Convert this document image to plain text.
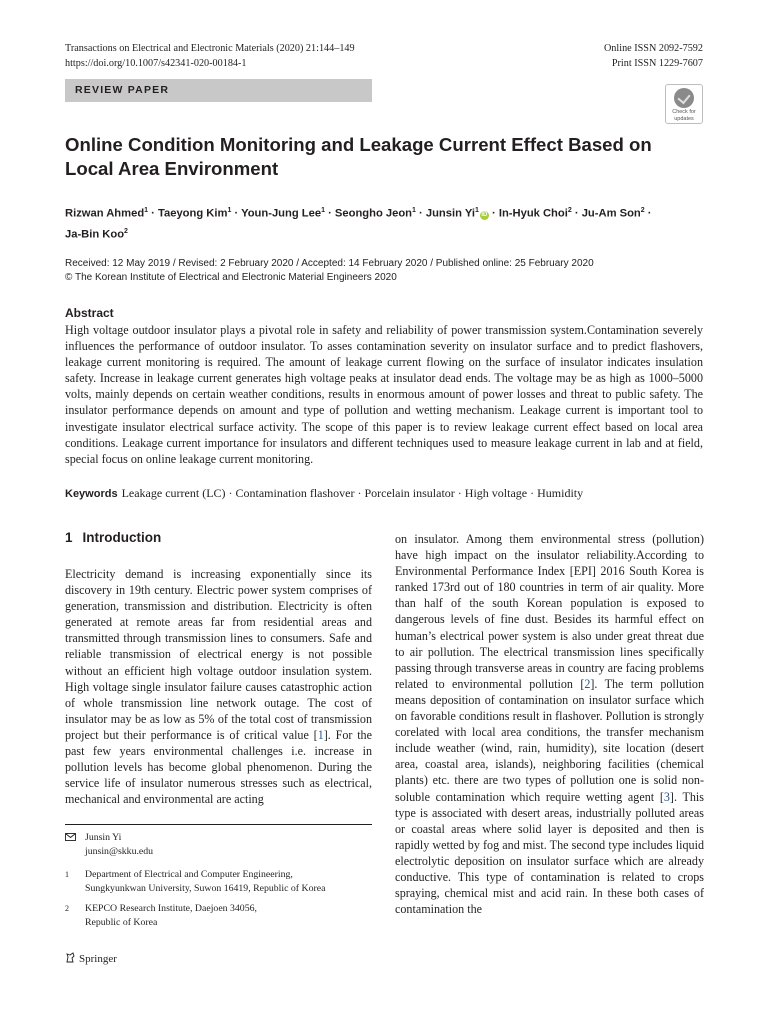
Transactions on Electrical and Electronic Materials (2020) 21:144–149
https://doi.org/10.1007/s42341-020-00184-1
Online ISSN 2092-7592
Print ISSN 1229-7607
REVIEW PAPER
Check for
updates
Online Condition Monitoring and Leakage Current Effect Based on Local Area Environment
Rizwan Ahmed$^1$ · Taeyong Kim$^1$ · Youn-Jung Lee$^1$ · Seongho Jeon$^1$ · Junsin $Yi^1iD$ · In-Hyuk Choi$^2$ · Ju-Am Son$^2$ ·
Ja-Bin Koo$^2$
Received: 12 May 2019 / Revised: 2 February 2020 / Accepted: 14 February 2020 / Published online: 25 February 2020
© The Korean Institute of Electrical and Electronic Material Engineers 2020
Abstract
High voltage outdoor insulator plays a pivotal role in safety and reliability of power transmission system.Contamination severely influences the performance of outdoor insulator. To asses contamination severity on insulator surface and to predict flashovers, leakage current monitoring is required. The amount of leakage current flowing on the surface of insulator indicates insulation safety. Increase in leakage current generates high voltage peaks at insulator dead ends. The voltage may be as high as 1000–5000 volts, mainly depends on certain weather conditions, results in enormous amount of power losses and threat to public safety. The insulator performance depends on amount and type of pollution and wetting mechanism. Leakage current is important tool to investigate insulator electrical surface activity. The scope of this paper is to review leakage current effect based on local area conditions. Leakage current importance for insulators and different techniques used to measure leakage current in lab and at field, special focus on online leakage current monitoring.
Keywords Leakage current (LC) · Contamination flashover · Porcelain insulator · High voltage · Humidity
1 Introduction
Electricity demand is increasing exponentially since its discovery in 19th century. Electric power system comprises of generation, transmission and distribution. Electricity is often generated at remote areas far from residential areas and transmitted through transmission lines to consumers. Safe and reliable transmission of electrical energy is not possible without an efficient high voltage outdoor insulation system. High voltage single insulator failure causes catastrophic action of whole transmission line network outage. The cost of insulator may be as low as 5% of the total cost of transmission project but their performance is of critical value [1]. For the past few years environmental challenges i.e. increase in pollution levels has become global phenomenon. During the service life of insulator numerous stresses such as electrical, mechanical and environmental are acting
on insulator. Among them environmental stress (pollution) have high impact on the insulator reliability.According to Environmental Performance Index [EPI] 2016 South Korea is ranked 173rd out of 180 countries in term of air quality. More than half of the south Korean population is exposed to dangerous levels of fine dust. Besides its harmful effect on human’s electrical power system is also under great threat due to air pollution. The electrical transmission lines specifically passing through transverse areas in country are facing problems related to environmental pollution [2]. The term pollution means deposition of contamination on insulator surface which on favorable conditions result in flashover. Pollution is strongly corelated with local area conditions, the transfer mechanism include weather (wind, rain, humidity), site location (desert area, coastal area, islands), neighboring facilities (chemical plants) etc. there are two types of pollution one is solid non-soluble contamination which require wetting agent [3]. This type is associated with desert areas, industrially polluted areas or coastal areas where solid layer is deposited and then is rapidly wetted by fog and mist. The second type includes liquid electrolytic deposition on insulator surface which are already conductive. This type of contamination is related to crops spraying, chemical mist and acid rain. In these both cases of contamination the
Junsin Yi
junsin@skku.edu
1 Department of Electrical and Computer Engineering,
Sungkyunkwan University, Suwon 16419, Republic of Korea
2 KEPCO Research Institute, Daejoen 34056,
Republic of Korea
Springer
